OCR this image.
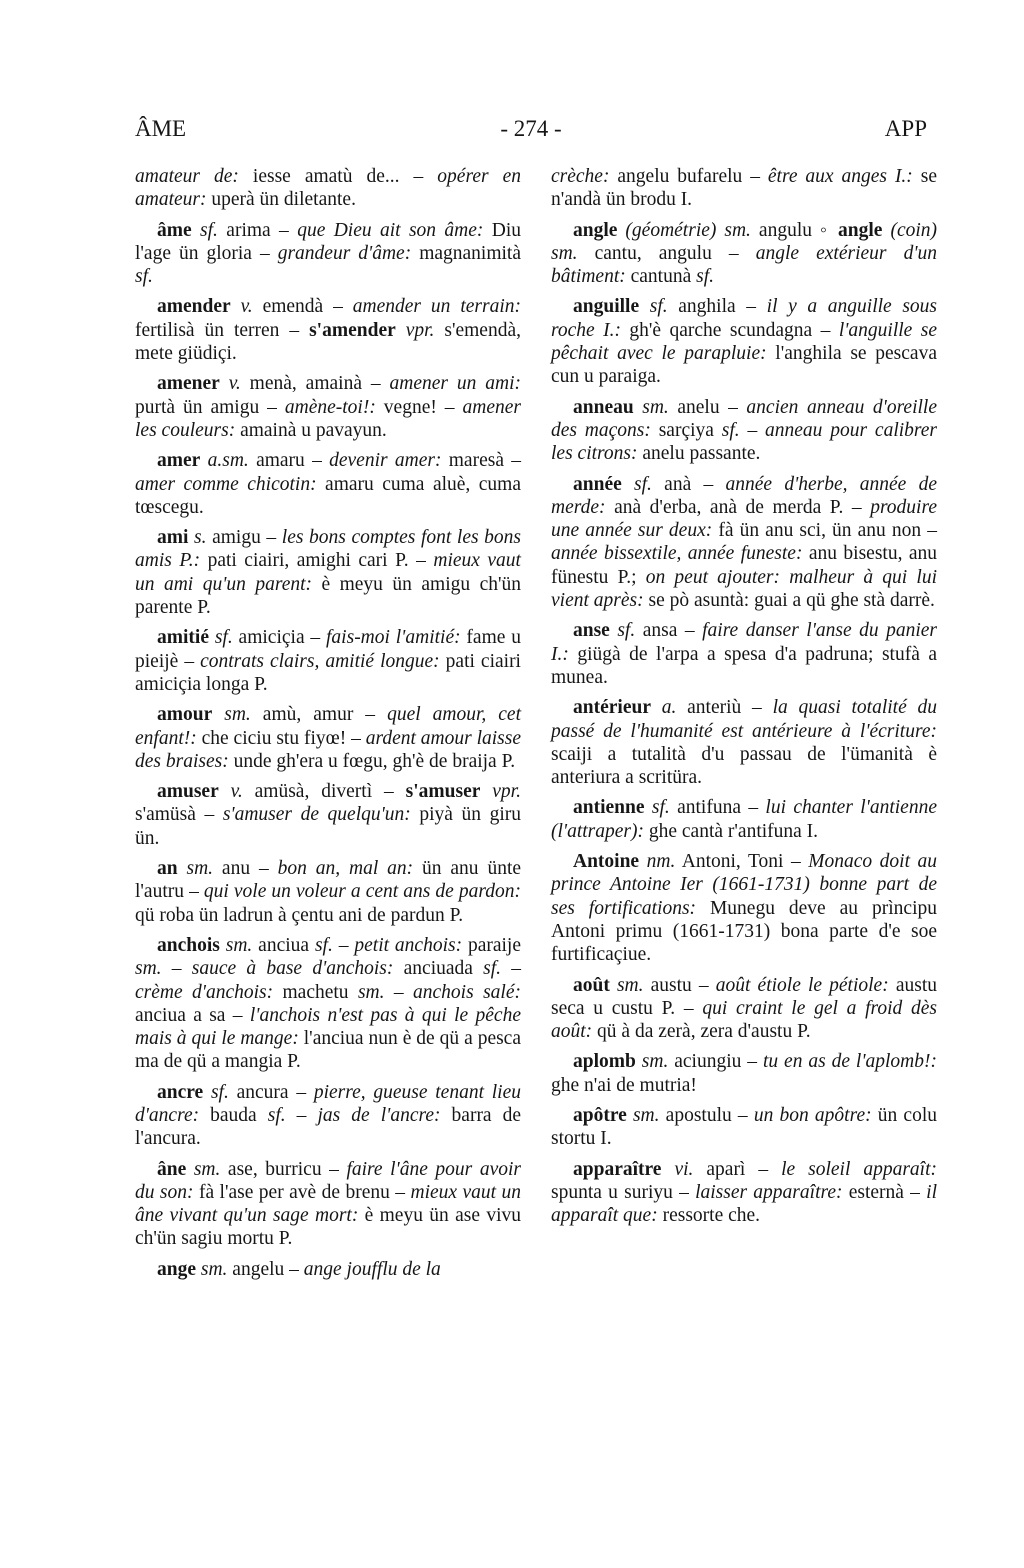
ÂME	- 274 -	APP

amateur de: iesse amatù de... – opérer en amateur: uperà ün diletante.

âme sf. arima – que Dieu ait son âme: Diu l'age ün gloria – grandeur d'âme: magnanimità sf.

amender v. emendà – amender un terrain: fertilisà ün terren – s'amender vpr. s'emendà, mete giüdiçi.

amener v. menà, amainà – amener un ami: purtà ün amigu – amène-toi!: vegne! – amener les couleurs: amainà u pavayun.

amer a.sm. amaru – devenir amer: maresà – amer comme chicotin: amaru cuma aluè, cuma tœscegu.

ami s. amigu – les bons comptes font les bons amis P.: pati ciairi, amighi cari P. – mieux vaut un ami qu'un parent: è meyu ün amigu ch'ün parente P.

amitié sf. amiciçia – fais-moi l'amitié: fame u pieijè – contrats clairs, amitié longue: pati ciairi amiciçia longa P.

amour sm. amù, amur – quel amour, cet enfant!: che ciciu stu fiyœ! – ardent amour laisse des braises: unde gh'era u fœgu, gh'è de braija P.

amuser v. amüsà, divertì – s'amuser vpr. s'amüsà – s'amuser de quelqu'un: piyà ün giru ün.

an sm. anu – bon an, mal an: ün anu ünte l'autru – qui vole un voleur a cent ans de pardon: qü roba ün ladrun à çentu ani de pardun P.

anchois sm. anciua sf. – petit anchois: paraije sm. – sauce à base d'anchois: anciuada sf. – crème d'anchois: machetu sm. – anchois salé: anciua a sa – l'anchois n'est pas à qui le pêche mais à qui le mange: l'anciua nun è de qü a pesca ma de qü a mangia P.

ancre sf. ancura – pierre, gueuse tenant lieu d'ancre: bauda sf. – jas de l'ancre: barra de l'ancura.

âne sm. ase, burricu – faire l'âne pour avoir du son: fà l'ase per avè de brenu – mieux vaut un âne vivant qu'un sage mort: è meyu ün ase vivu ch'ün sagiu mortu P.

ange sm. angelu – ange joufflu de la

crèche: angelu bufarelu – être aux anges I.: se n'andà ün brodu I.

angle (géométrie) sm. angulu ◦ angle (coin) sm. cantu, angulu – angle extérieur d'un bâtiment: cantunà sf.

anguille sf. anghila – il y a anguille sous roche I.: gh'è qarche scundagna – l'anguille se pêchait avec le parapluie: l'anghila se pescava cun u paraiga.

anneau sm. anelu – ancien anneau d'oreille des maçons: sarçiya sf. – anneau pour calibrer les citrons: anelu passante.

année sf. anà – année d'herbe, année de merde: anà d'erba, anà de merda P. – produire une année sur deux: fà ün anu sci, ün anu non – année bissextile, année funeste: anu bisestu, anu fünestu P.; on peut ajouter: malheur à qui lui vient après: se pò asuntà: guai a qü ghe stà darrè.

anse sf. ansa – faire danser l'anse du panier I.: giügà de l'arpa a spesa d'a padruna; stufà a munea.

antérieur a. anteriù – la quasi totalité du passé de l'humanité est antérieure à l'écriture: scaiji a tutalità d'u passau de l'ümanità è anteriura a scritüra.

antienne sf. antifuna – lui chanter l'antienne (l'attraper): ghe cantà r'antifuna I.

Antoine nm. Antoni, Toni – Monaco doit au prince Antoine Ier (1661-1731) bonne part de ses fortifications: Munegu deve au prìncipu Antoni primu (1661-1731) bona parte d'e soe furtificaçiue.

août sm. austu – août étiole le pétiole: austu seca u custu P. – qui craint le gel a froid dès août: qü à da zerà, zera d'austu P.

aplomb sm. aciungiu – tu en as de l'aplomb!: ghe n'ai de mutria!

apôtre sm. apostulu – un bon apôtre: ün colu stortu I.

apparaître vi. aparì – le soleil apparaît: spunta u suriyu – laisser apparaître: esternà – il apparaît que: ressorte che.
